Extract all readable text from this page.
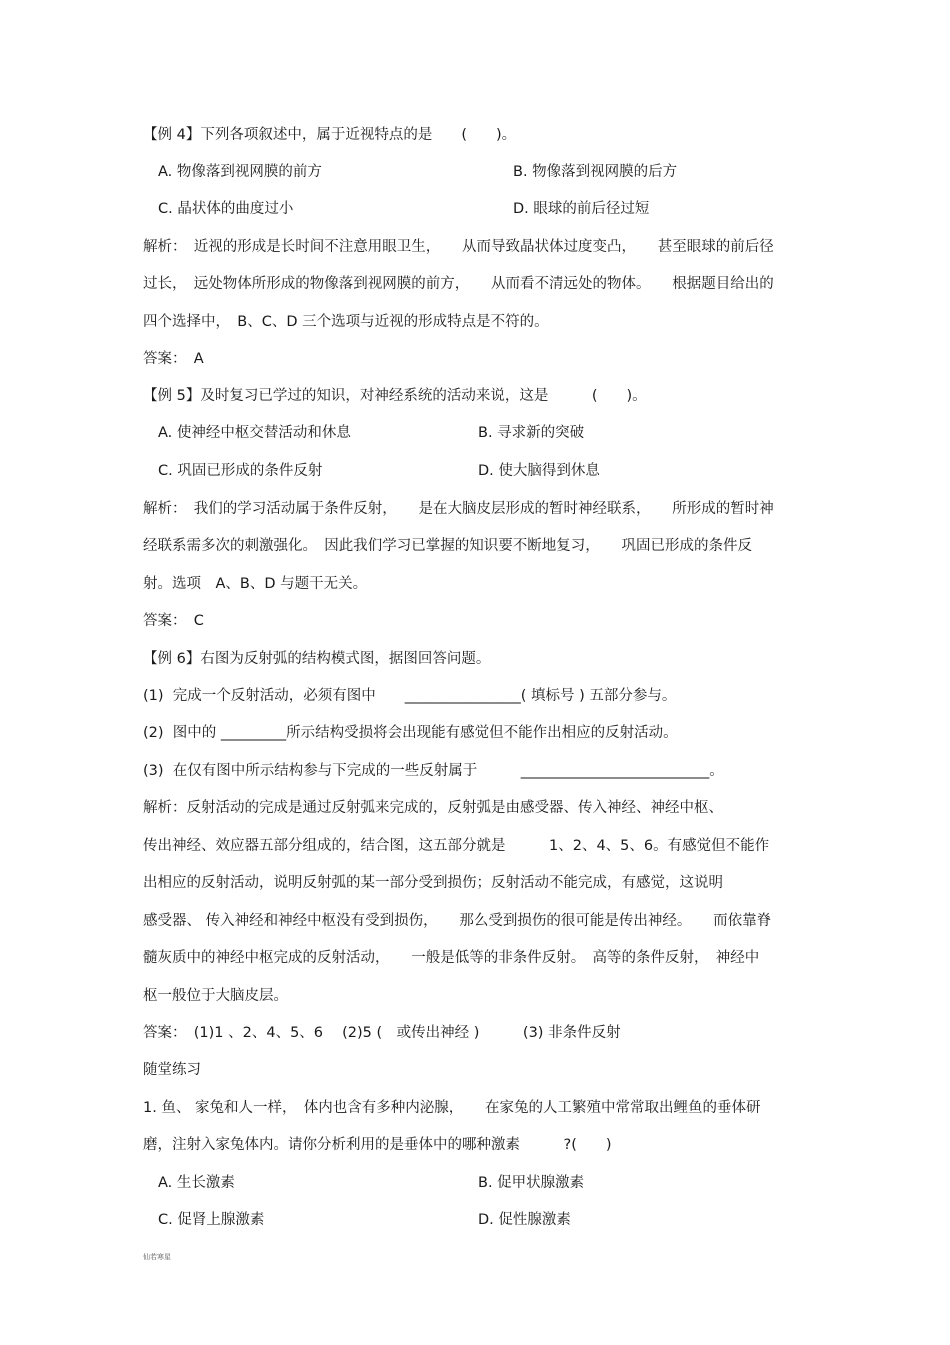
【例 4】下列各项叙述中，属于近视特点的是　　(　　)。

A. 物像落到视网膜的前方	B. 物像落到视网膜的后方

C. 晶状体的曲度过小	D. 眼球的前后径过短

解析：　近视的形成是长时间不注意用眼卫生，　　从而导致晶状体过度变凸，　　甚至眼球的前后径

过长，　远处物体所形成的物像落到视网膜的前方，　　从而看不清远处的物体。　　根据题目给出的

四个选择中，　B、C、D 三个选项与近视的形成特点是不符的。

答案：　A

【例 5】及时复习已学过的知识，对神经系统的活动来说，这是　　　(　　)。

A. 使神经中枢交替活动和休息	B. 寻求新的突破

C. 巩固已形成的条件反射	D. 使大脑得到休息

解析：　我们的学习活动属于条件反射，　　是在大脑皮层形成的暂时神经联系，　　所形成的暂时神

经联系需多次的刺激强化。　因此我们学习已掌握的知识要不断地复习，　　巩固已形成的条件反

射。选项　A、B、D 与题干无关。

答案：　C

【例 6】右图为反射弧的结构模式图，据图回答问题。

(1)  完成一个反射活动，必须有图中　　________________( 填标号 ) 五部分参与。

(2)  图中的 _________所示结构受损将会出现能有感觉但不能作出相应的反射活动。

(3)  在仅有图中所示结构参与下完成的一些反射属于　　　__________________________。

解析：反射活动的完成是通过反射弧来完成的，反射弧是由感受器、传入神经、神经中枢、

传出神经、效应器五部分组成的，结合图，这五部分就是　　　1、2、4、5、6。有感觉但不能作

出相应的反射活动，说明反射弧的某一部分受到损伤；反射活动不能完成，有感觉，这说明

感受器、 传入神经和神经中枢没有受到损伤，　　那么受到损伤的很可能是传出神经。　　而依靠脊

髓灰质中的神经中枢完成的反射活动，　　一般是低等的非条件反射。　高等的条件反射，　神经中

枢一般位于大脑皮层。

答案：　(1)1 、2、4、5、6　 (2)5 (　或传出神经 )　　　(3) 非条件反射

随堂练习

1. 鱼、 家兔和人一样，　体内也含有多种内泌腺，　　在家兔的人工繁殖中常常取出鲤鱼的垂体研

磨，注射入家兔体内。请你分析利用的是垂体中的哪种激素　　　?(　　)

A. 生长激素	B. 促甲状腺激素

C. 促肾上腺激素	D. 促性腺激素

仙若寒星
